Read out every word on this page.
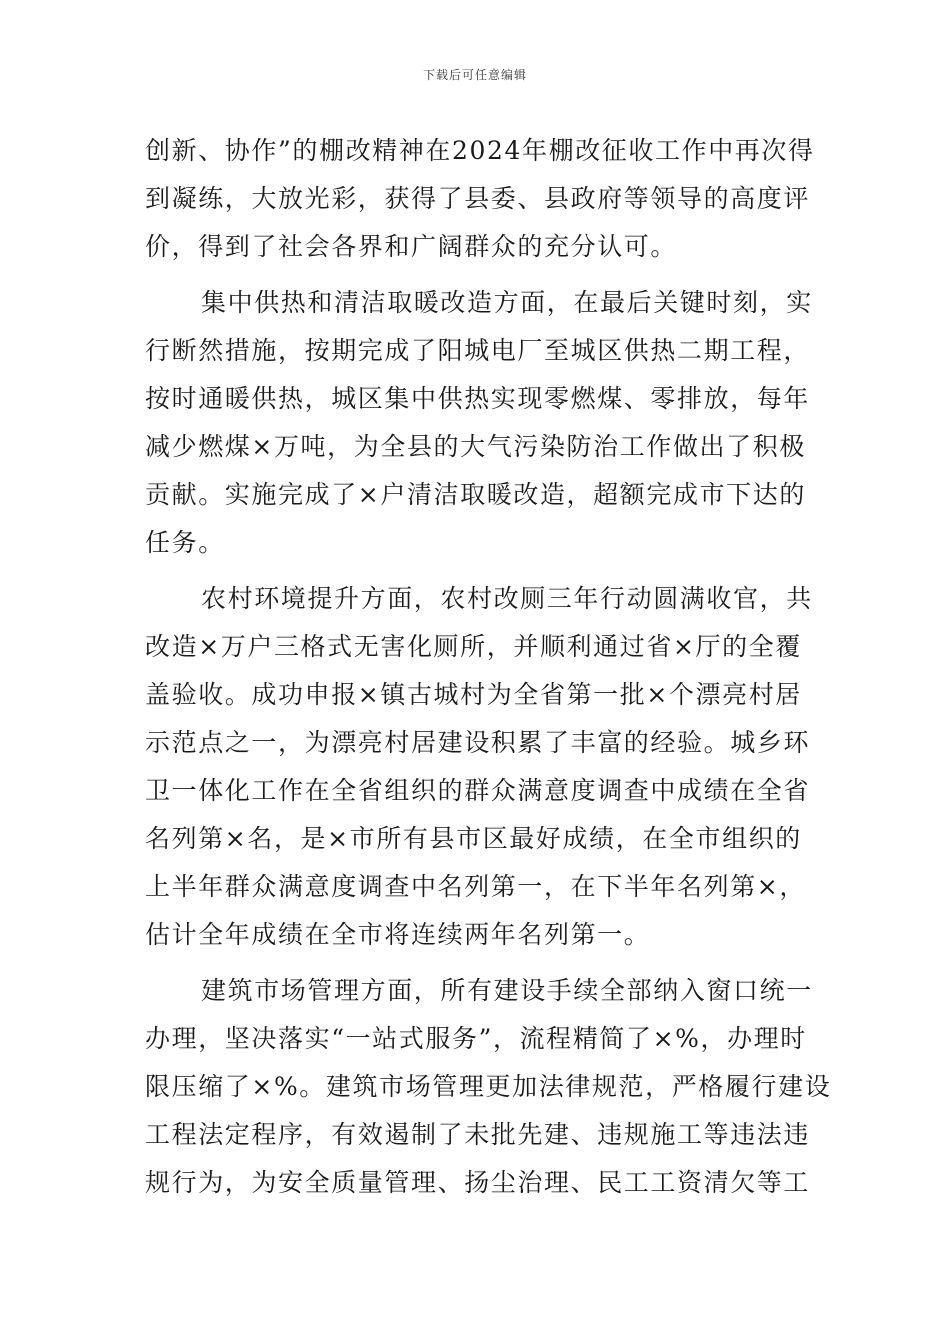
下载后可任意编辑
创新、协作”的棚改精神在2024年棚改征收工作中再次得
到凝练，大放光彩，获得了县委、县政府等领导的高度评
价，得到了社会各界和广阔群众的充分认可。
集中供热和清洁取暖改造方面，在最后关键时刻，实
行断然措施，按期完成了阳城电厂至城区供热二期工程，
按时通暖供热，城区集中供热实现零燃煤、零排放，每年
减少燃煤×万吨，为全县的大气污染防治工作做出了积极
贡献。实施完成了×户清洁取暖改造，超额完成市下达的
任务。
农村环境提升方面，农村改厕三年行动圆满收官，共
改造×万户三格式无害化厕所，并顺利通过省×厅的全覆
盖验收。成功申报×镇古城村为全省第一批×个漂亮村居
示范点之一，为漂亮村居建设积累了丰富的经验。城乡环
卫一体化工作在全省组织的群众满意度调查中成绩在全省
名列第×名，是×市所有县市区最好成绩，在全市组织的
上半年群众满意度调查中名列第一，在下半年名列第×，
估计全年成绩在全市将连续两年名列第一。
建筑市场管理方面，所有建设手续全部纳入窗口统一
办理，坚决落实“一站式服务”，流程精简了×%，办理时
限压缩了×%。建筑市场管理更加法律规范，严格履行建设
工程法定程序，有效遏制了未批先建、违规施工等违法违
规行为，为安全质量管理、扬尘治理、民工工资清欠等工
